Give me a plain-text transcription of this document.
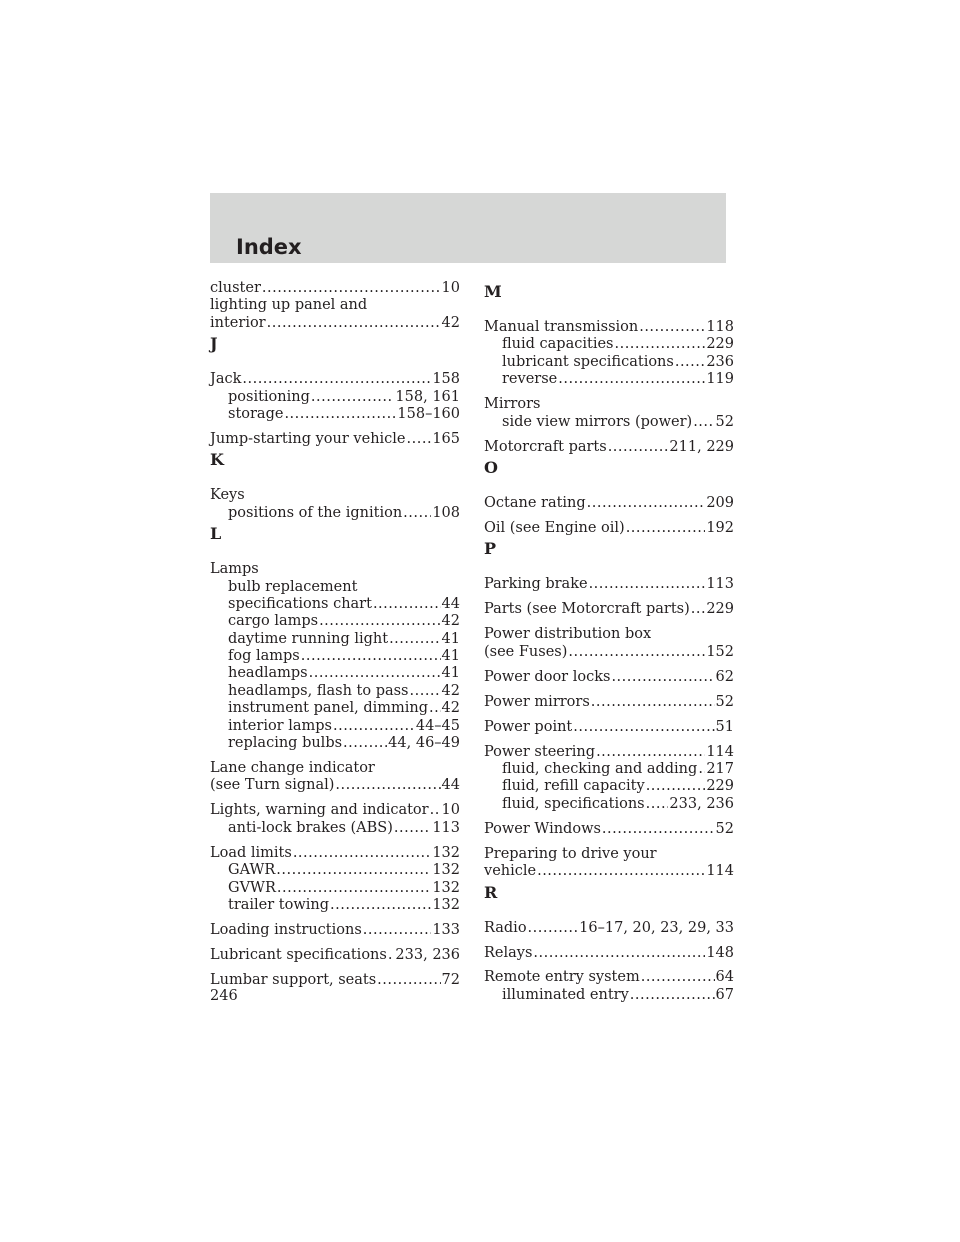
Index
cluster .....	10
lighting up panel and
interior .....	42
J
Jack .....	158
positioning .....	158, 161
storage .....	158–160
Jump-starting your vehicle ..... 165
K
Keys
positions of the ignition ..... 108
L
Lamps
bulb replacement
specifications chart .....	44
cargo lamps .....	42
daytime running light .....	41
fog lamps .....	41
headlamps .....	41
headlamps, flash to pass ..... 42
instrument panel, dimming ..... 42
interior lamps .....	44–45
replacing bulbs .....	44, 46–49
Lane change indicator
(see Turn signal) .....	44
Lights, warning and indicator ..... 10
anti-lock brakes (ABS) .....	113
Load limits .....	132
GAWR .....	132
GVWR .....	132
trailer towing .....	132
Loading instructions .....	133
Lubricant specifications ..... 233, 236
Lumbar support, seats .....	72
M
Manual transmission .....	118
fluid capacities .....	229
lubricant specifications ..... 236
reverse .....	119
Mirrors
side view mirrors (power) ..... 52
Motorcraft parts .....	211, 229
O
Octane rating .....	209
Oil (see Engine oil) .....	192
P
Parking brake .....	113
Parts (see Motorcraft parts) ..... 229
Power distribution box
(see Fuses) .....	152
Power door locks .....	62
Power mirrors .....	52
Power point .....	51
Power steering .....	114
fluid, checking and adding ..... 217
fluid, refill capacity .....	229
fluid, specifications ..... 233, 236
Power Windows .....	52
Preparing to drive your
vehicle .....	114
R
Radio .....	16–17, 20, 23, 29, 33
Relays .....	148
Remote entry system .....	64
illuminated entry .....	67
246
